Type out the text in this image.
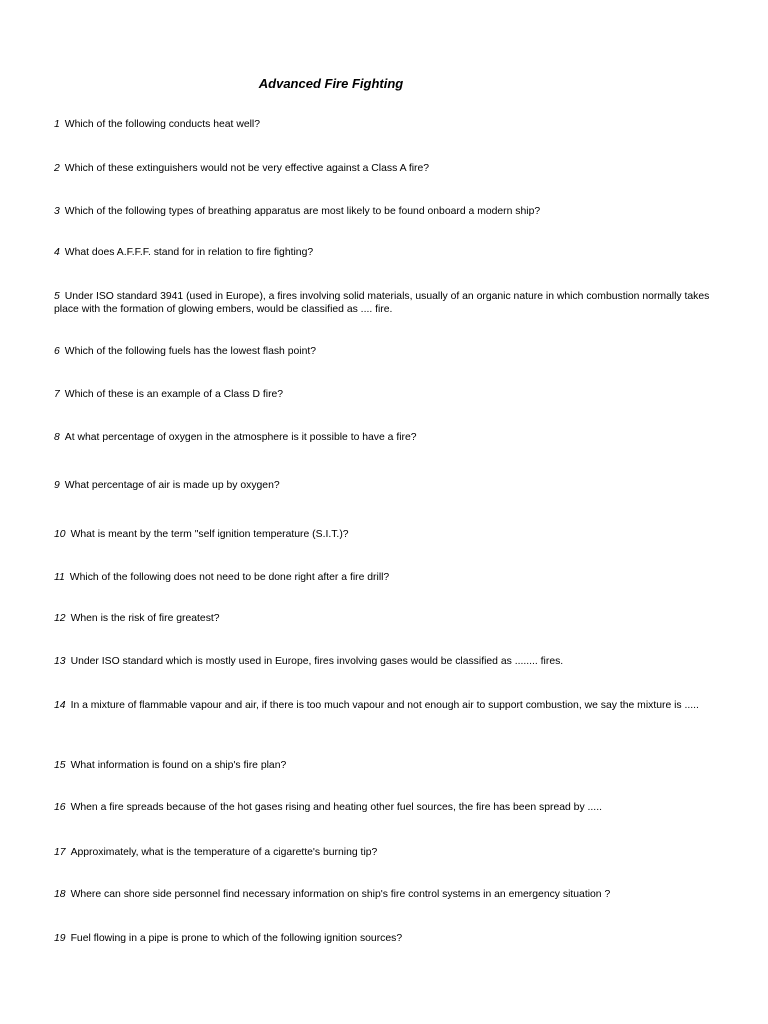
Advanced Fire Fighting

1 Which of the following conducts heat well?

2 Which of these extinguishers would not be very effective against a Class A fire?

3 Which of the following types of breathing apparatus are most likely to be found onboard a modern ship?

4 What does A.F.F.F. stand for in relation to fire fighting?

5 Under ISO standard 3941 (used in Europe), a fires involving solid materials, usually of an organic nature in which combustion normally takes place with the formation of glowing embers, would be classified as .... fire.

6 Which of the following fuels has the lowest flash point?

7 Which of these is an example of a Class D fire?

8 At what percentage of oxygen in the atmosphere is it possible to have a fire?

9 What percentage of air is made up by oxygen?

10 What is meant by the term "self ignition temperature (S.I.T.)?

11 Which of the following does not need to be done right after a fire drill?

12 When is the risk of fire greatest?

13 Under ISO standard which is mostly used in Europe, fires involving gases would be classified as ........ fires.

14 In a mixture of flammable vapour and air, if there is too much vapour and not enough air to support combustion, we say the mixture is .....

15 What information is found on a ship's fire plan?

16 When a fire spreads because of the hot gases rising and heating other fuel sources, the fire has been spread by .....

17 Approximately, what is the temperature of a cigarette's burning tip?

18 Where can shore side personnel find necessary information on ship's fire control systems in an emergency situation ?

19 Fuel flowing in a pipe is prone to which of the following ignition sources?
